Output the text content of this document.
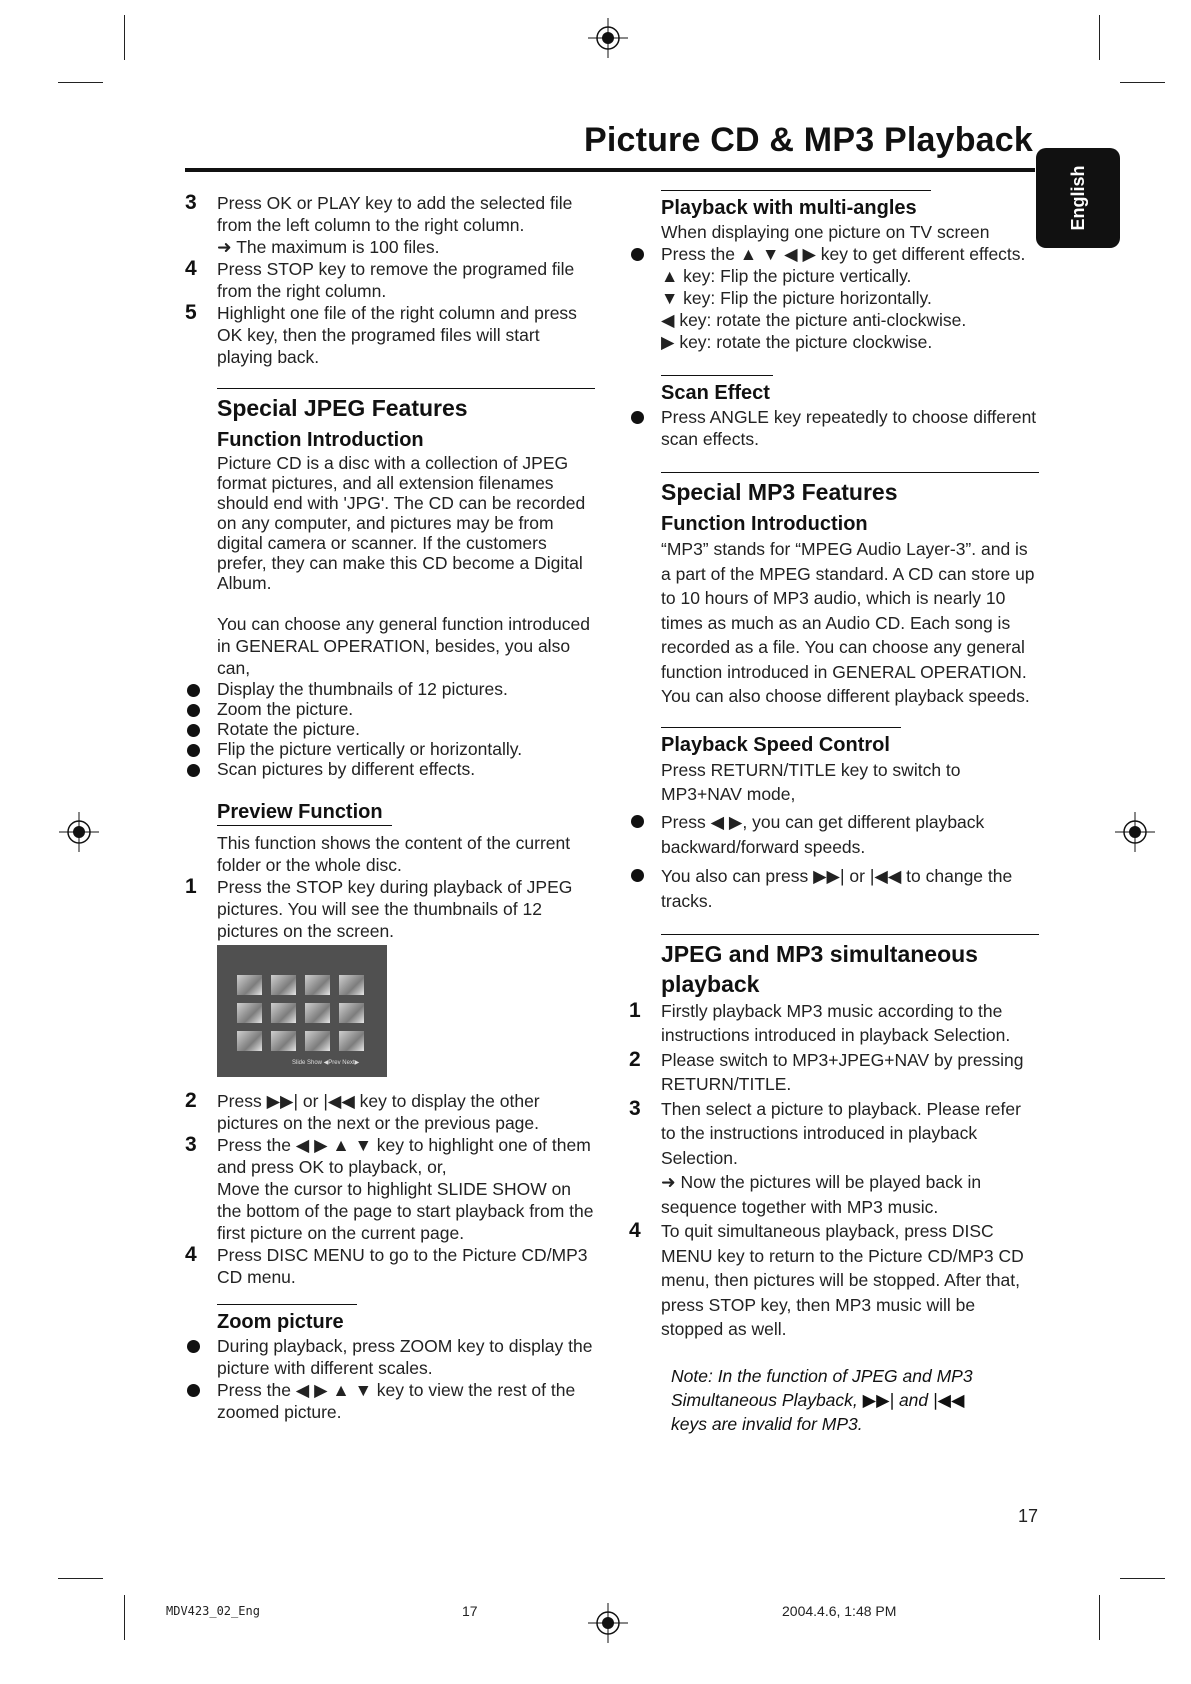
Picture CD & MP3 Playback
English
3 Press OK or PLAY key to add the selected file from the left column to the right column.
➜ The maximum is 100 files.
4 Press STOP key to remove the programed file from the right column.
5 Highlight one file of the right column and press OK key, then the programed files will start playing back.
Special JPEG Features
Function Introduction
Picture CD is a disc with a collection of JPEG format pictures, and all extension filenames should end with 'JPG'. The CD can be recorded on any computer, and pictures may be from digital camera or scanner. If the customers prefer, they can make this CD become a Digital Album.
You can choose any general function introduced in GENERAL OPERATION, besides, you also can,
Display the thumbnails of 12 pictures.
Zoom the picture.
Rotate the picture.
Flip the picture vertically or horizontally.
Scan pictures by different effects.
Preview Function
This function shows the content of the current folder or the whole disc.
1 Press the STOP key during playback of JPEG pictures. You will see the thumbnails of 12 pictures on the screen.
Slide Show ◀Prev Next▶
2 Press ▶▶| or |◀◀ key to display the other pictures on the next or the previous page.
3 Press the ◀ ▶ ▲ ▼ key to highlight one of them and press OK to playback, or,
Move the cursor to highlight SLIDE SHOW on the bottom of the page to start playback from the first picture on the current page.
4 Press DISC MENU to go to the Picture CD/MP3 CD menu.
Zoom picture
During playback, press ZOOM key to display the picture with different scales.
Press the ◀ ▶ ▲ ▼ key to view the rest of the zoomed picture.
Playback with multi-angles
When displaying one picture on TV screen
Press the ▲ ▼ ◀ ▶ key to get different effects.
▲ key: Flip the picture vertically.
▼ key: Flip the picture horizontally.
◀ key: rotate the picture anti-clockwise.
▶ key: rotate the picture clockwise.
Scan Effect
Press ANGLE key repeatedly to choose different scan effects.
Special MP3 Features
Function Introduction
“MP3” stands for “MPEG Audio Layer-3”. and is a part of the MPEG standard. A CD can store up to 10 hours of MP3 audio, which is nearly 10 times as much as an Audio CD. Each song is recorded as a file. You can choose any general function introduced in GENERAL OPERATION. You can also choose different playback speeds.
Playback Speed Control
Press RETURN/TITLE key to switch to MP3+NAV mode,
Press ◀ ▶, you can get different playback backward/forward speeds.
You also can press ▶▶| or |◀◀ to change the tracks.
JPEG and MP3 simultaneous playback
1 Firstly playback MP3 music according to the instructions introduced in playback Selection.
2 Please switch to MP3+JPEG+NAV by pressing RETURN/TITLE.
3 Then select a picture to playback. Please refer to the instructions introduced in playback Selection.
➜ Now the pictures will be played back in sequence together with MP3 music.
4 To quit simultaneous playback, press DISC MENU key to return to the Picture CD/MP3 CD menu, then pictures will be stopped. After that, press STOP key, then MP3 music will be stopped as well.
Note: In the function of JPEG and MP3 Simultaneous Playback, ▶▶| and |◀◀ keys are invalid for MP3.
17
MDV423_02_Eng	17	2004.4.6, 1:48 PM
